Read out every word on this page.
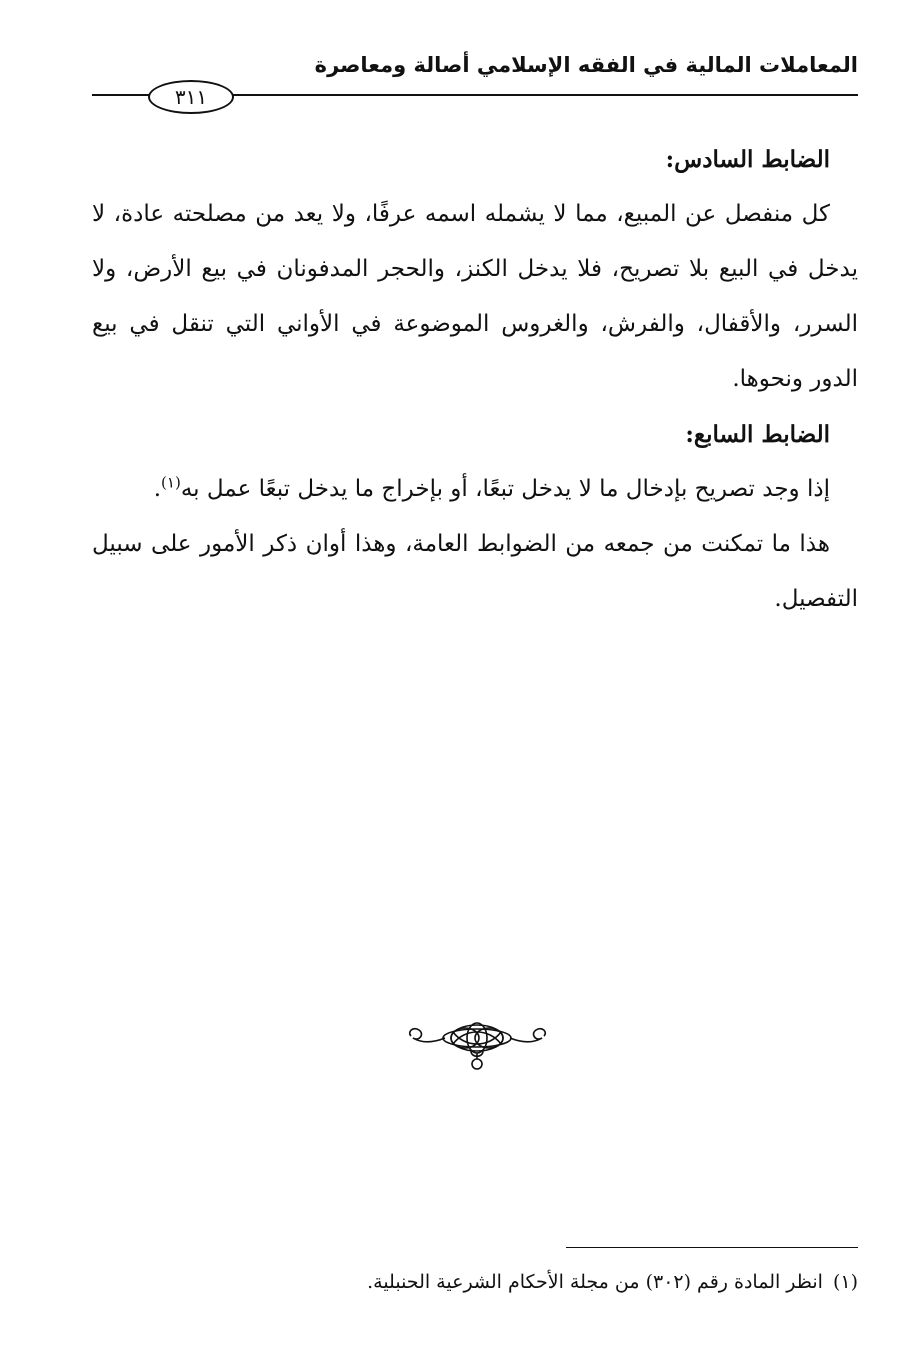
المعاملات المالية في الفقه الإسلامي أصالة ومعاصرة
٣١١
الضابط السادس:

كل منفصل عن المبيع، مما لا يشمله اسمه عرفًا، ولا يعد من مصلحته عادة، لا يدخل في البيع بلا تصريح، فلا يدخل الكنز، والحجر المدفونان في بيع الأرض، ولا السرر، والأقفال، والفرش، والغروس الموضوعة في الأواني التي تنقل في بيع الدور ونحوها.

الضابط السابع:

إذا وجد تصريح بإدخال ما لا يدخل تبعًا، أو بإخراج ما يدخل تبعًا عمل به$^{(١)}$.

هذا ما تمكنت من جمعه من الضوابط العامة، وهذا أوان ذكر الأمور على سبيل التفصيل.

(١)انظر المادة رقم (٣٠٢) من مجلة الأحكام الشرعية الحنبلية.
